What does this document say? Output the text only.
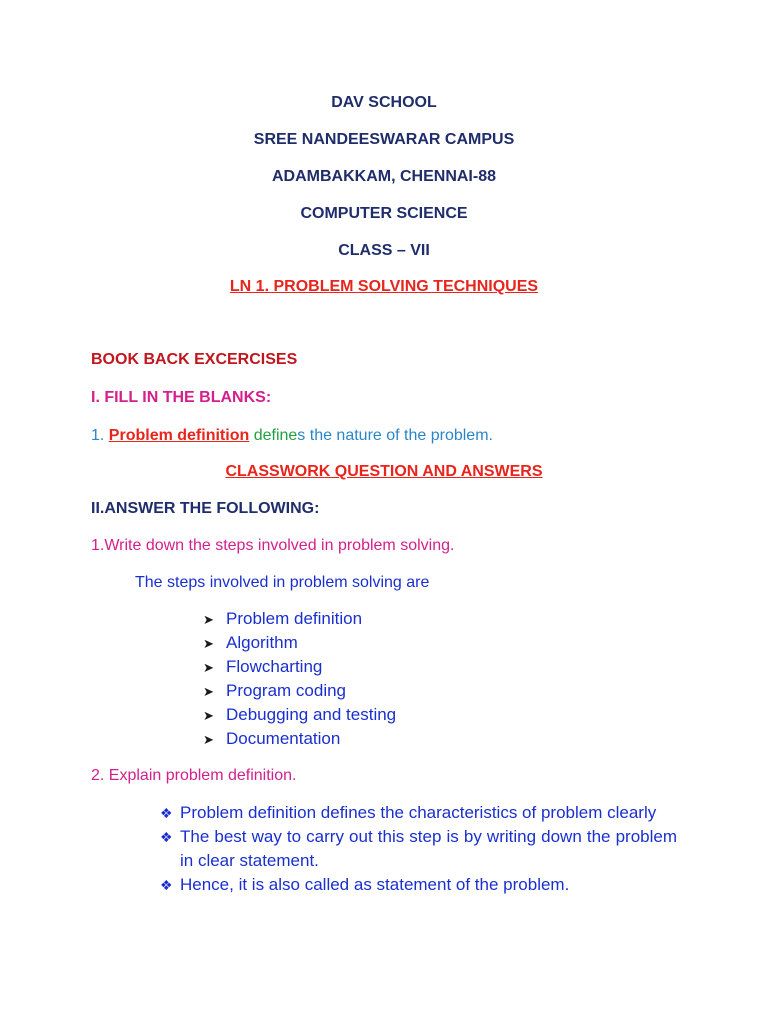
DAV SCHOOL
SREE NANDEESWARAR CAMPUS
ADAMBAKKAM, CHENNAI-88
COMPUTER SCIENCE
CLASS – VII
LN 1. PROBLEM SOLVING TECHNIQUES
BOOK BACK EXCERCISES
I. FILL IN THE BLANKS:
1. Problem definition defines the nature of the problem.
CLASSWORK QUESTION AND ANSWERS
II.ANSWER THE FOLLOWING:
1.Write down the steps involved in problem solving.
The steps involved in problem solving are
➤ Problem definition
➤ Algorithm
➤ Flowcharting
➤ Program coding
➤ Debugging and testing
➤ Documentation
2. Explain problem definition.
❖ Problem definition defines the characteristics of problem clearly
❖ The best way to carry out this step is by writing down the problem in clear statement.
❖ Hence, it is also called as statement of the problem.
